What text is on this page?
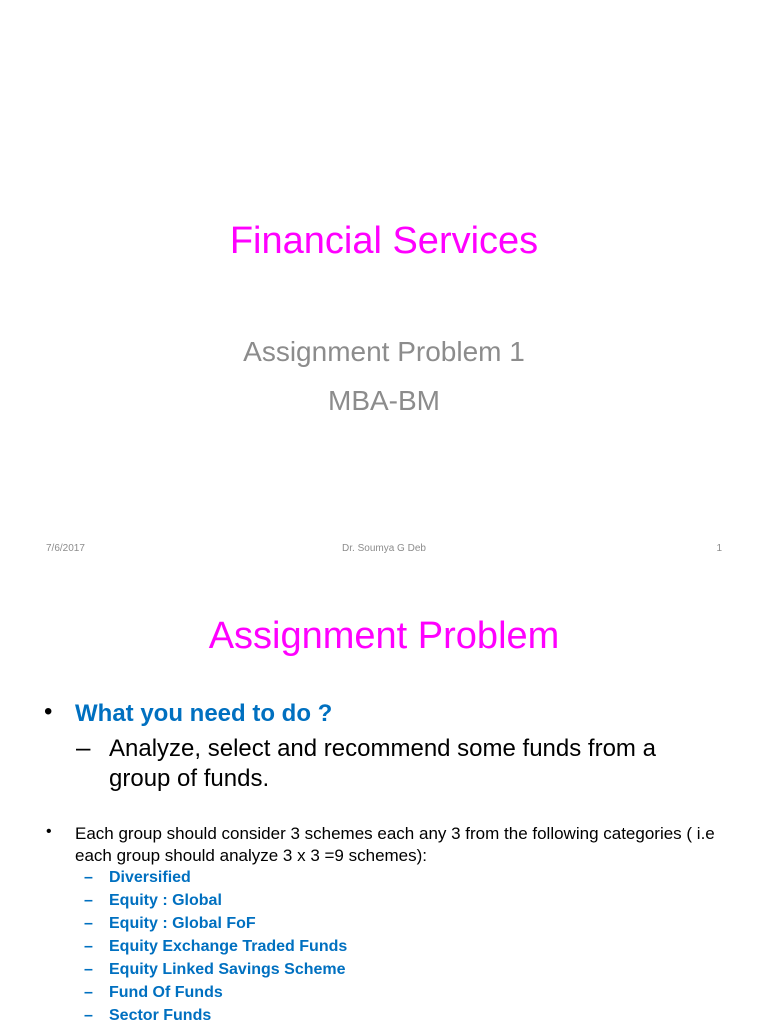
Financial Services
Assignment Problem 1
MBA-BM
7/6/2017	Dr. Soumya G Deb	1
Assignment Problem
• What you need to do ?
– Analyze, select and recommend some funds from a group of funds.
• Each group should consider 3 schemes each any 3 from the following categories ( i.e each group should analyze 3 x 3 =9 schemes):
– Diversified
– Equity : Global
– Equity : Global FoF
– Equity Exchange Traded Funds
– Equity Linked Savings Scheme
– Fund Of Funds
– Sector Funds
